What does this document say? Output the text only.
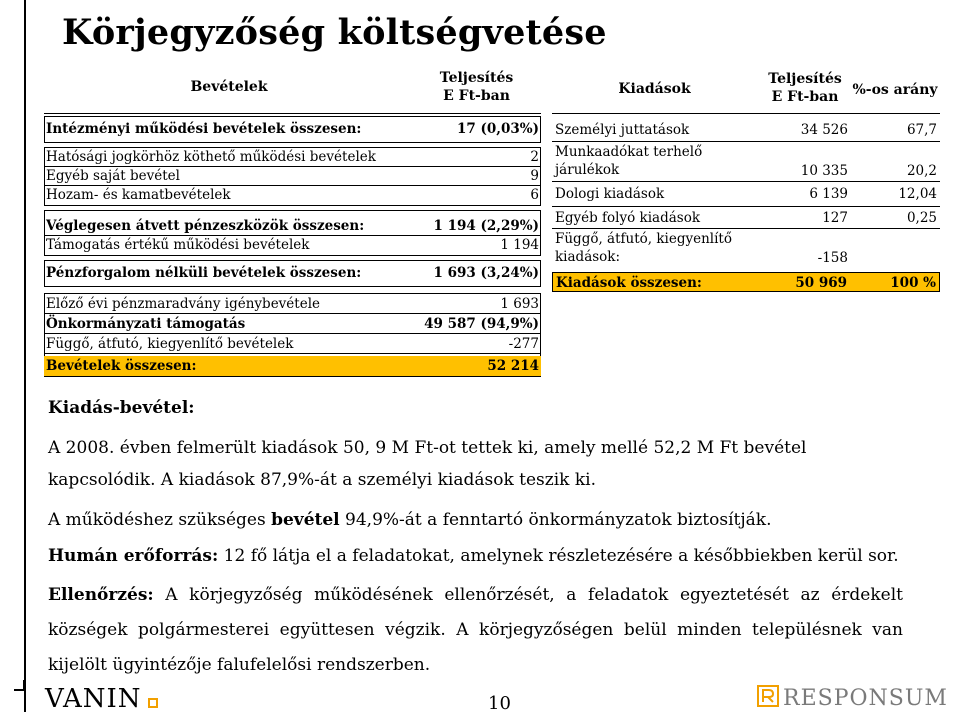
Körjegyzőség költségvetése
Bevételek
Teljesítés
E Ft-ban
Intézményi működési bevételek összesen:	17 (0,03%)
Hatósági jogkörhöz köthető működési bevételek	2
Egyéb saját bevétel	9
Hozam- és kamatbevételek	6
Véglegesen átvett pénzeszközök összesen:	1 194 (2,29%)
Támogatás értékű működési bevételek	1 194
Pénzforgalom nélküli bevételek összesen:	1 693 (3,24%)
Előző évi pénzmaradvány igénybevétele	1 693
Önkormányzati támogatás	49 587 (94,9%)
Függő, átfutó, kiegyenlítő bevételek	-277
Bevételek összesen:	52 214
Kiadások
Teljesítés
E Ft-ban	%-os arány
Személyi juttatások	34 526	67,7
Munkaadókat terhelő
járulékok	10 335	20,2
Dologi kiadások	6 139	12,04
Egyéb folyó kiadások	127	0,25
Függő, átfutó, kiegyenlítő
kiadások:	-158
Kiadások összesen:	50 969	100 %
Kiadás-bevétel:
A 2008. évben felmerült kiadások 50, 9 M Ft-ot tettek ki, amely mellé 52,2 M Ft bevétel kapcsolódik. A kiadások 87,9%-át a személyi kiadások teszik ki.
A működéshez szükséges bevétel 94,9%-át a fenntartó önkormányzatok biztosítják.
Humán erőforrás: 12 fő látja el a feladatokat, amelynek részletezésére a későbbiekben kerül sor.
Ellenőrzés: A körjegyzőség működésének ellenőrzését, a feladatok egyeztetését az érdekelt községek polgármesterei együttesen végzik. A körjegyzőségen belül minden településnek van kijelölt ügyintézője falufelelősi rendszerben.
VANIN	10	RESPONSUM
